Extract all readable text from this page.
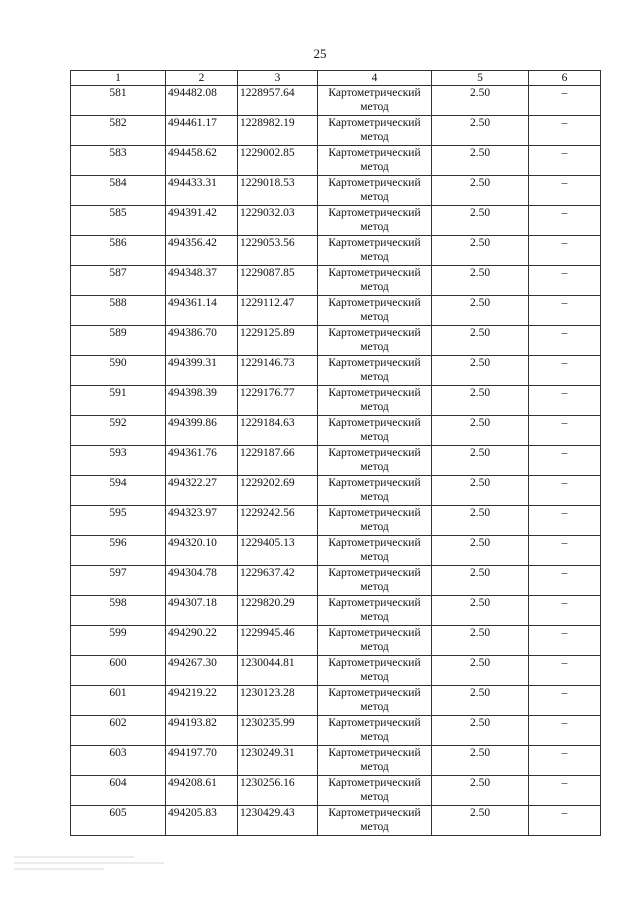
25
1	2	3	4	5	6
581	494482.08	1228957.64	Картометрический
метод	2.50	–
582	494461.17	1228982.19	Картометрический
метод	2.50	–
583	494458.62	1229002.85	Картометрический
метод	2.50	–
584	494433.31	1229018.53	Картометрический
метод	2.50	–
585	494391.42	1229032.03	Картометрический
метод	2.50	–
586	494356.42	1229053.56	Картометрический
метод	2.50	–
587	494348.37	1229087.85	Картометрический
метод	2.50	–
588	494361.14	1229112.47	Картометрический
метод	2.50	–
589	494386.70	1229125.89	Картометрический
метод	2.50	–
590	494399.31	1229146.73	Картометрический
метод	2.50	–
591	494398.39	1229176.77	Картометрический
метод	2.50	–
592	494399.86	1229184.63	Картометрический
метод	2.50	–
593	494361.76	1229187.66	Картометрический
метод	2.50	–
594	494322.27	1229202.69	Картометрический
метод	2.50	–
595	494323.97	1229242.56	Картометрический
метод	2.50	–
596	494320.10	1229405.13	Картометрический
метод	2.50	–
597	494304.78	1229637.42	Картометрический
метод	2.50	–
598	494307.18	1229820.29	Картометрический
метод	2.50	–
599	494290.22	1229945.46	Картометрический
метод	2.50	–
600	494267.30	1230044.81	Картометрический
метод	2.50	–
601	494219.22	1230123.28	Картометрический
метод	2.50	–
602	494193.82	1230235.99	Картометрический
метод	2.50	–
603	494197.70	1230249.31	Картометрический
метод	2.50	–
604	494208.61	1230256.16	Картометрический
метод	2.50	–
605	494205.83	1230429.43	Картометрический
метод	2.50	–
